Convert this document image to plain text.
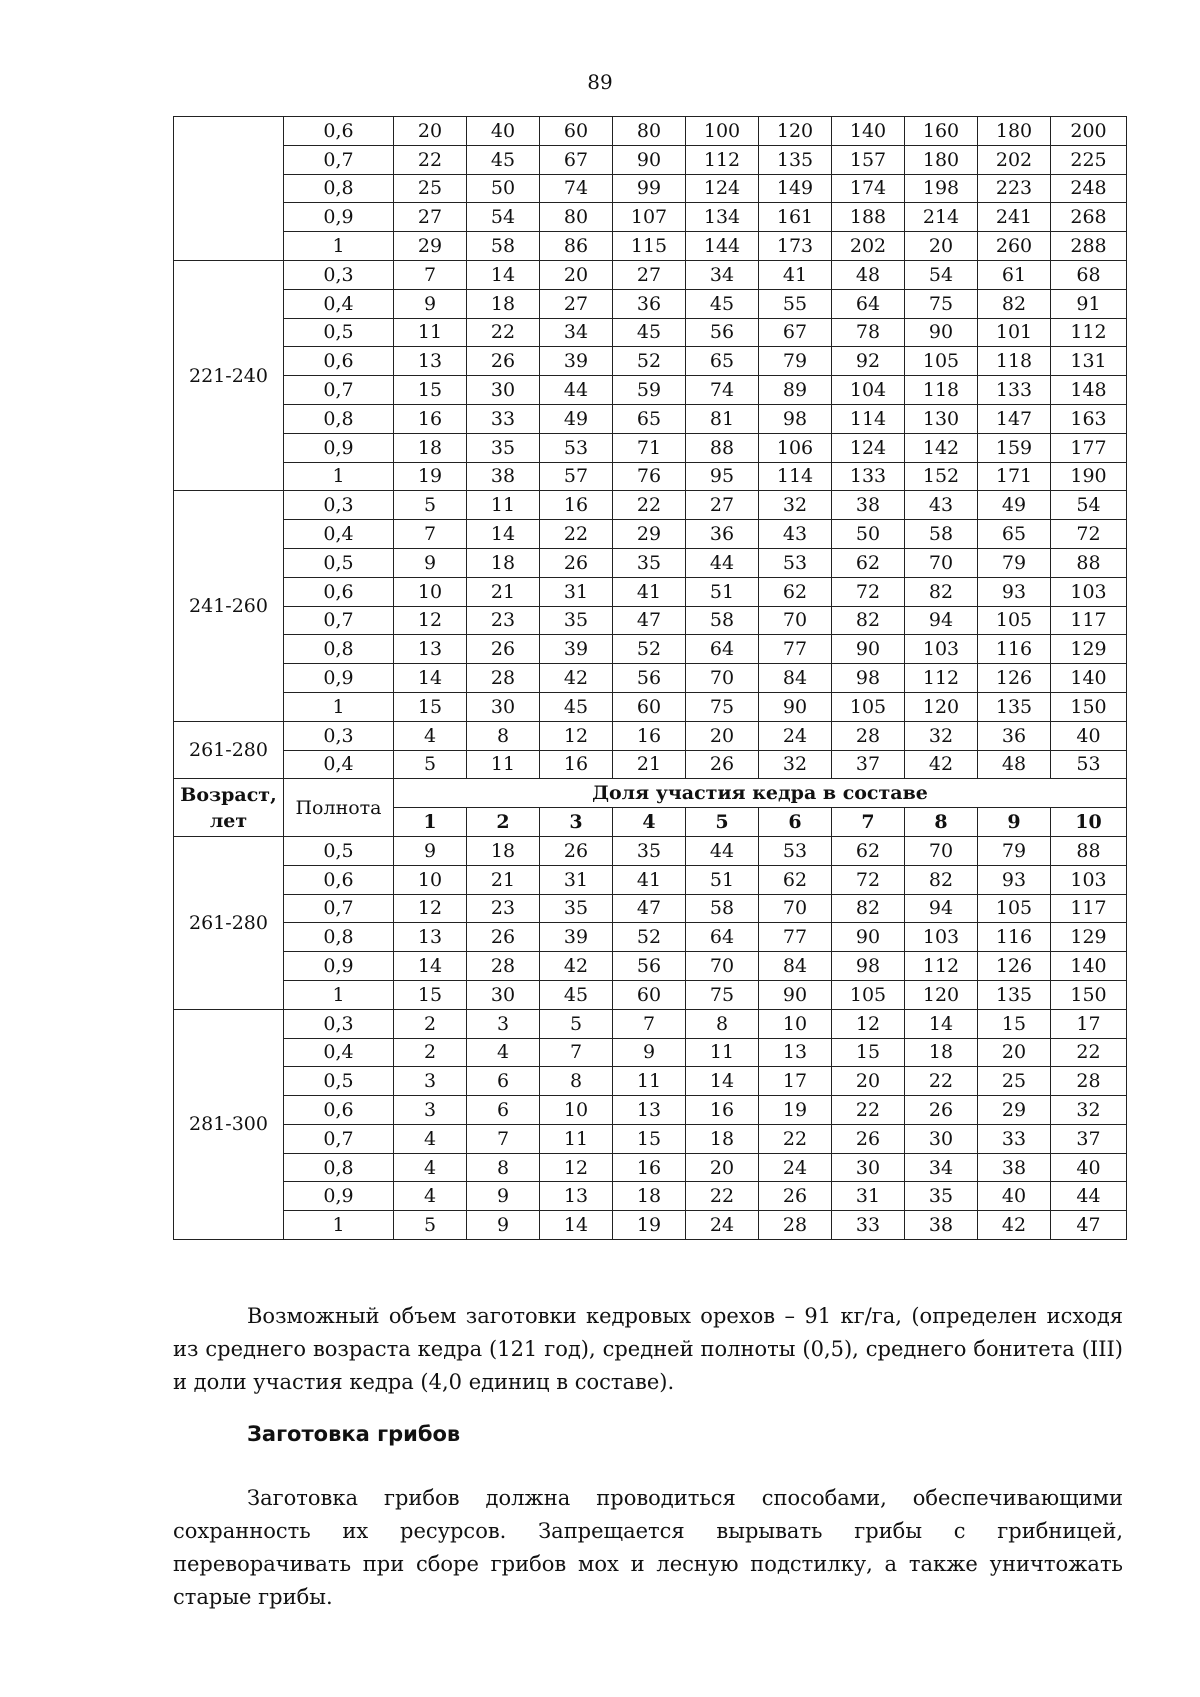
89
	0,6	20	40	60	80	100	120	140	160	180	200
	0,7	22	45	67	90	112	135	157	180	202	225
	0,8	25	50	74	99	124	149	174	198	223	248
	0,9	27	54	80	107	134	161	188	214	241	268
	1	29	58	86	115	144	173	202	20	260	288
221-240	0,3	7	14	20	27	34	41	48	54	61	68
	0,4	9	18	27	36	45	55	64	75	82	91
	0,5	11	22	34	45	56	67	78	90	101	112
	0,6	13	26	39	52	65	79	92	105	118	131
	0,7	15	30	44	59	74	89	104	118	133	148
	0,8	16	33	49	65	81	98	114	130	147	163
	0,9	18	35	53	71	88	106	124	142	159	177
	1	19	38	57	76	95	114	133	152	171	190
241-260	0,3	5	11	16	22	27	32	38	43	49	54
	0,4	7	14	22	29	36	43	50	58	65	72
	0,5	9	18	26	35	44	53	62	70	79	88
	0,6	10	21	31	41	51	62	72	82	93	103
	0,7	12	23	35	47	58	70	82	94	105	117
	0,8	13	26	39	52	64	77	90	103	116	129
	0,9	14	28	42	56	70	84	98	112	126	140
	1	15	30	45	60	75	90	105	120	135	150
261-280	0,3	4	8	12	16	20	24	28	32	36	40
	0,4	5	11	16	21	26	32	37	42	48	53
Возраст, лет	Полнота	Доля участия кедра в составе									
		1	2	3	4	5	6	7	8	9	10
261-280	0,5	9	18	26	35	44	53	62	70	79	88
	0,6	10	21	31	41	51	62	72	82	93	103
	0,7	12	23	35	47	58	70	82	94	105	117
	0,8	13	26	39	52	64	77	90	103	116	129
	0,9	14	28	42	56	70	84	98	112	126	140
	1	15	30	45	60	75	90	105	120	135	150
281-300	0,3	2	3	5	7	8	10	12	14	15	17
	0,4	2	4	7	9	11	13	15	18	20	22
	0,5	3	6	8	11	14	17	20	22	25	28
	0,6	3	6	10	13	16	19	22	26	29	32
	0,7	4	7	11	15	18	22	26	30	33	37
	0,8	4	8	12	16	20	24	30	34	38	40
	0,9	4	9	13	18	22	26	31	35	40	44
	1	5	9	14	19	24	28	33	38	42	47
Возможный объем заготовки кедровых орехов – 91 кг/га, (определен исходя из среднего возраста кедра (121 год), средней полноты (0,5), среднего бонитета (III) и доли участия кедра (4,0 единиц в составе).
Заготовка грибов
Заготовка грибов должна проводиться способами, обеспечивающими сохранность их ресурсов. Запрещается вырывать грибы с грибницей, переворачивать при сборе грибов мох и лесную подстилку, а также уничтожать старые грибы.
